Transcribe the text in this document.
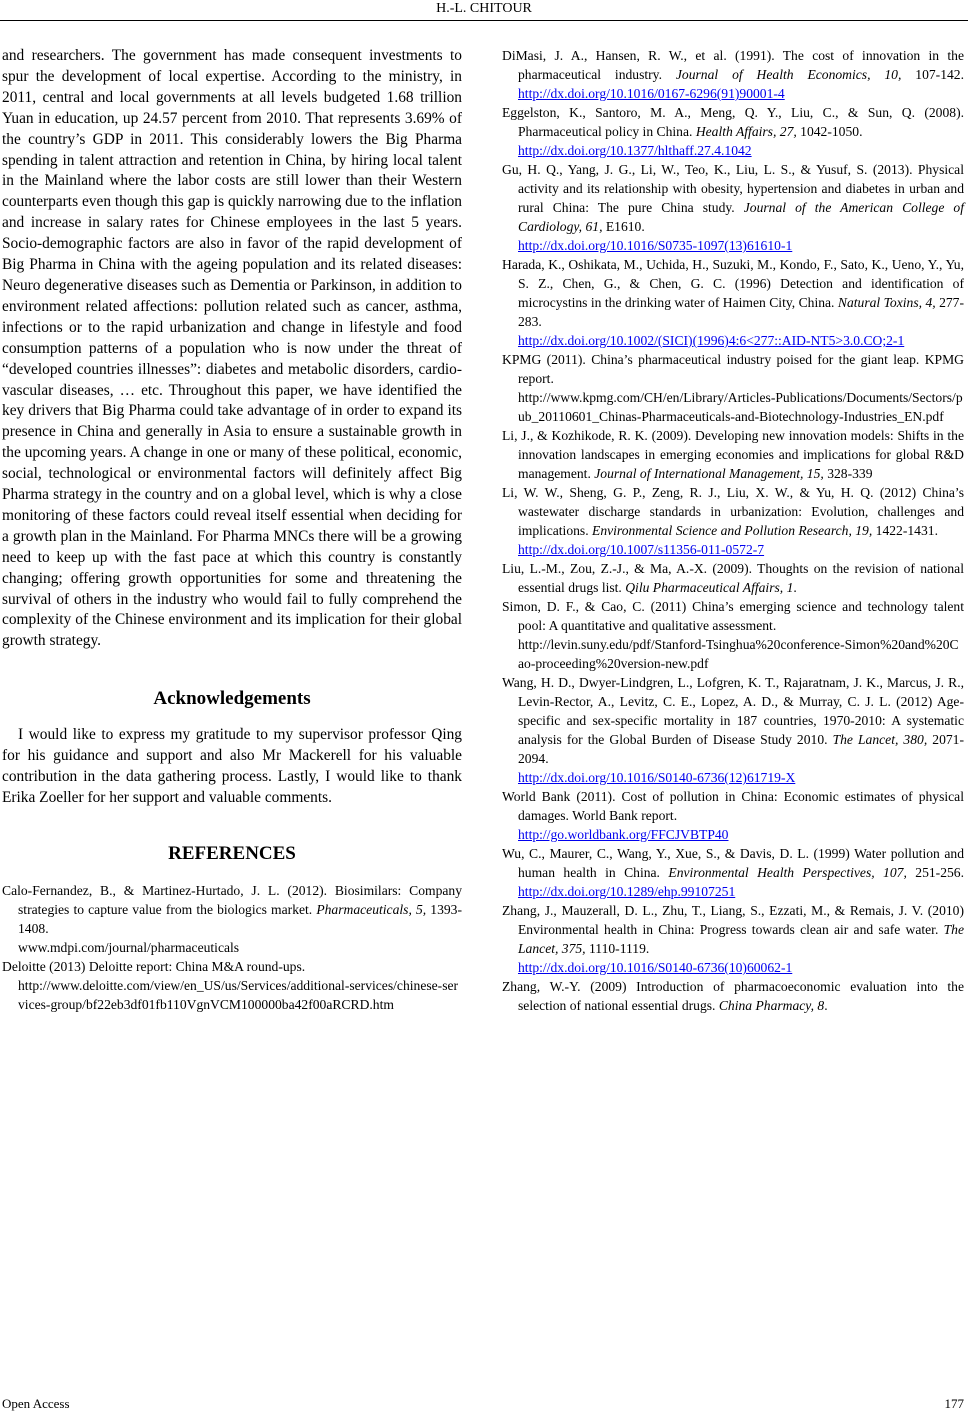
H.-L. CHITOUR
and researchers. The government has made consequent investments to spur the development of local expertise. According to the ministry, in 2011, central and local governments at all levels budgeted 1.68 trillion Yuan in education, up 24.57 percent from 2010. That represents 3.69% of the country’s GDP in 2011. This considerably lowers the Big Pharma spending in talent attraction and retention in China, by hiring local talent in the Mainland where the labor costs are still lower than their Western counterparts even though this gap is quickly narrowing due to the inflation and increase in salary rates for Chinese employees in the last 5 years. Socio-demographic factors are also in favor of the rapid development of Big Pharma in China with the ageing population and its related diseases: Neuro degenerative diseases such as Dementia or Parkinson, in addition to environment related affections: pollution related such as cancer, asthma, infections or to the rapid urbanization and change in lifestyle and food consumption patterns of a population who is now under the threat of “developed countries illnesses”: diabetes and metabolic disorders, cardio-vascular diseases, … etc. Throughout this paper, we have identified the key drivers that Big Pharma could take advantage of in order to expand its presence in China and generally in Asia to ensure a sustainable growth in the upcoming years. A change in one or many of these political, economic, social, technological or environmental factors will definitely affect Big Pharma strategy in the country and on a global level, which is why a close monitoring of these factors could reveal itself essential when deciding for a growth plan in the Mainland. For Pharma MNCs there will be a growing need to keep up with the fast pace at which this country is constantly changing; offering growth opportunities for some and threatening the survival of others in the industry who would fail to fully comprehend the complexity of the Chinese environment and its implication for their global growth strategy.
Acknowledgements
I would like to express my gratitude to my supervisor professor Qing for his guidance and support and also Mr Mackerell for his valuable contribution in the data gathering process. Lastly, I would like to thank Erika Zoeller for her support and valuable comments.
REFERENCES

Calo-Fernandez, B., & Martinez-Hurtado, J. L. (2012). Biosimilars: Company strategies to capture value from the biologics market. Pharmaceuticals, 5, 1393-1408.
www.mdpi.com/journal/pharmaceuticals

Deloitte (2013) Deloitte report: China M&A round-ups.
http://www.deloitte.com/view/en_US/us/Services/additional-services/chinese-services-group/bf22eb3df01fb110VgnVCM100000ba42f00aRCRD.htm

DiMasi, J. A., Hansen, R. W., et al. (1991). The cost of innovation in the pharmaceutical industry. Journal of Health Economics, 10, 107-142. http://dx.doi.org/10.1016/0167-6296(91)90001-4

Eggelston, K., Santoro, M. A., Meng, Q. Y., Liu, C., & Sun, Q. (2008). Pharmaceutical policy in China. Health Affairs, 27, 1042-1050.
http://dx.doi.org/10.1377/hlthaff.27.4.1042

Gu, H. Q., Yang, J. G., Li, W., Teo, K., Liu, L. S., & Yusuf, S. (2013). Physical activity and its relationship with obesity, hypertension and diabetes in urban and rural China: The pure China study. Journal of the American College of Cardiology, 61, E1610.
http://dx.doi.org/10.1016/S0735-1097(13)61610-1

Harada, K., Oshikata, M., Uchida, H., Suzuki, M., Kondo, F., Sato, K., Ueno, Y., Yu, S. Z., Chen, G., & Chen, G. C. (1996) Detection and identification of microcystins in the drinking water of Haimen City, China. Natural Toxins, 4, 277-283.
http://dx.doi.org/10.1002/(SICI)(1996)4:6<277::AID-NT5>3.0.CO;2-1

KPMG (2011). China’s pharmaceutical industry poised for the giant leap. KPMG report.
http://www.kpmg.com/CH/en/Library/Articles-Publications/Documents/Sectors/pub_20110601_Chinas-Pharmaceuticals-and-Biotechnology-Industries_EN.pdf

Li, J., & Kozhikode, R. K. (2009). Developing new innovation models: Shifts in the innovation landscapes in emerging economies and implications for global R&D management. Journal of International Management, 15, 328-339

Li, W. W., Sheng, G. P., Zeng, R. J., Liu, X. W., & Yu, H. Q. (2012) China’s wastewater discharge standards in urbanization: Evolution, challenges and implications. Environmental Science and Pollution Research, 19, 1422-1431.
http://dx.doi.org/10.1007/s11356-011-0572-7

Liu, L.-M., Zou, Z.-J., & Ma, A.-X. (2009). Thoughts on the revision of national essential drugs list. Qilu Pharmaceutical Affairs, 1.

Simon, D. F., & Cao, C. (2011) China’s emerging science and technology talent pool: A quantitative and qualitative assessment.
http://levin.suny.edu/pdf/Stanford-Tsinghua%20conference-Simon%20and%20Cao-proceeding%20version-new.pdf

Wang, H. D., Dwyer-Lindgren, L., Lofgren, K. T., Rajaratnam, J. K., Marcus, J. R., Levin-Rector, A., Levitz, C. E., Lopez, A. D., & Murray, C. J. L. (2012) Age-specific and sex-specific mortality in 187 countries, 1970-2010: A systematic analysis for the Global Burden of Disease Study 2010. The Lancet, 380, 2071-2094.
http://dx.doi.org/10.1016/S0140-6736(12)61719-X

World Bank (2011). Cost of pollution in China: Economic estimates of physical damages. World Bank report.
http://go.worldbank.org/FFCJVBTP40

Wu, C., Maurer, C., Wang, Y., Xue, S., & Davis, D. L. (1999) Water pollution and human health in China. Environmental Health Perspectives, 107, 251-256. http://dx.doi.org/10.1289/ehp.99107251

Zhang, J., Mauzerall, D. L., Zhu, T., Liang, S., Ezzati, M., & Remais, J. V. (2010) Environmental health in China: Progress towards clean air and safe water. The Lancet, 375, 1110-1119.
http://dx.doi.org/10.1016/S0140-6736(10)60062-1

Zhang, W.-Y. (2009) Introduction of pharmacoeconomic evaluation into the selection of national essential drugs. China Pharmacy, 8.

Open Access	177
